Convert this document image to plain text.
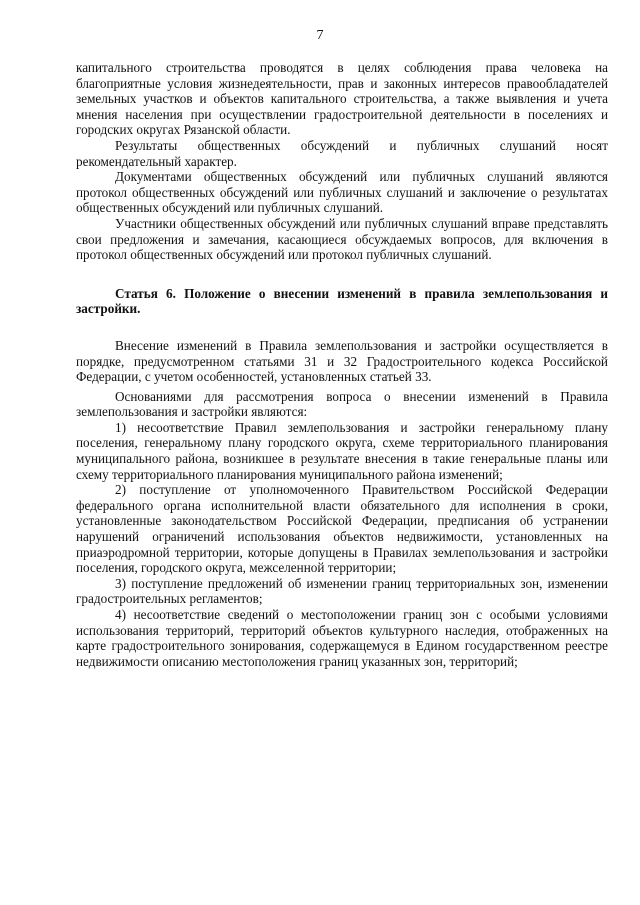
7

капитального строительства проводятся в целях соблюдения права человека на благоприятные условия жизнедеятельности, прав и законных интересов правообладателей земельных участков и объектов капитального строительства, а также выявления и учета мнения населения при осуществлении градостроительной деятельности в поселениях и городских округах Рязанской области.

Результаты общественных обсуждений и публичных слушаний носят рекомендательный характер.

Документами общественных обсуждений или публичных слушаний являются протокол общественных обсуждений или публичных слушаний и заключение о результатах общественных обсуждений или публичных слушаний.

Участники общественных обсуждений или публичных слушаний вправе представлять свои предложения и замечания, касающиеся обсуждаемых вопросов, для включения в протокол общественных обсуждений или протокол публичных слушаний.

Статья 6. Положение о внесении изменений в правила землепользования и застройки.

Внесение изменений в Правила землепользования и застройки осуществляется в порядке, предусмотренном статьями 31 и 32 Градостроительного кодекса Российской Федерации, с учетом особенностей, установленных статьей 33.

Основаниями для рассмотрения вопроса о внесении изменений в Правила землепользования и застройки являются:

1) несоответствие Правил землепользования и застройки генеральному плану поселения, генеральному плану городского округа, схеме территориального планирования муниципального района, возникшее в результате внесения в такие генеральные планы или схему территориального планирования муниципального района изменений;

2) поступление от уполномоченного Правительством Российской Федерации федерального органа исполнительной власти обязательного для исполнения в сроки, установленные законодательством Российской Федерации, предписания об устранении нарушений ограничений использования объектов недвижимости, установленных на приаэродромной территории, которые допущены в Правилах землепользования и застройки поселения, городского округа, межселенной территории;

3) поступление предложений об изменении границ территориальных зон, изменении градостроительных регламентов;

4) несоответствие сведений о местоположении границ зон с особыми условиями использования территорий, территорий объектов культурного наследия, отображенных на карте градостроительного зонирования, содержащемуся в Едином государственном реестре недвижимости описанию местоположения границ указанных зон, территорий;
